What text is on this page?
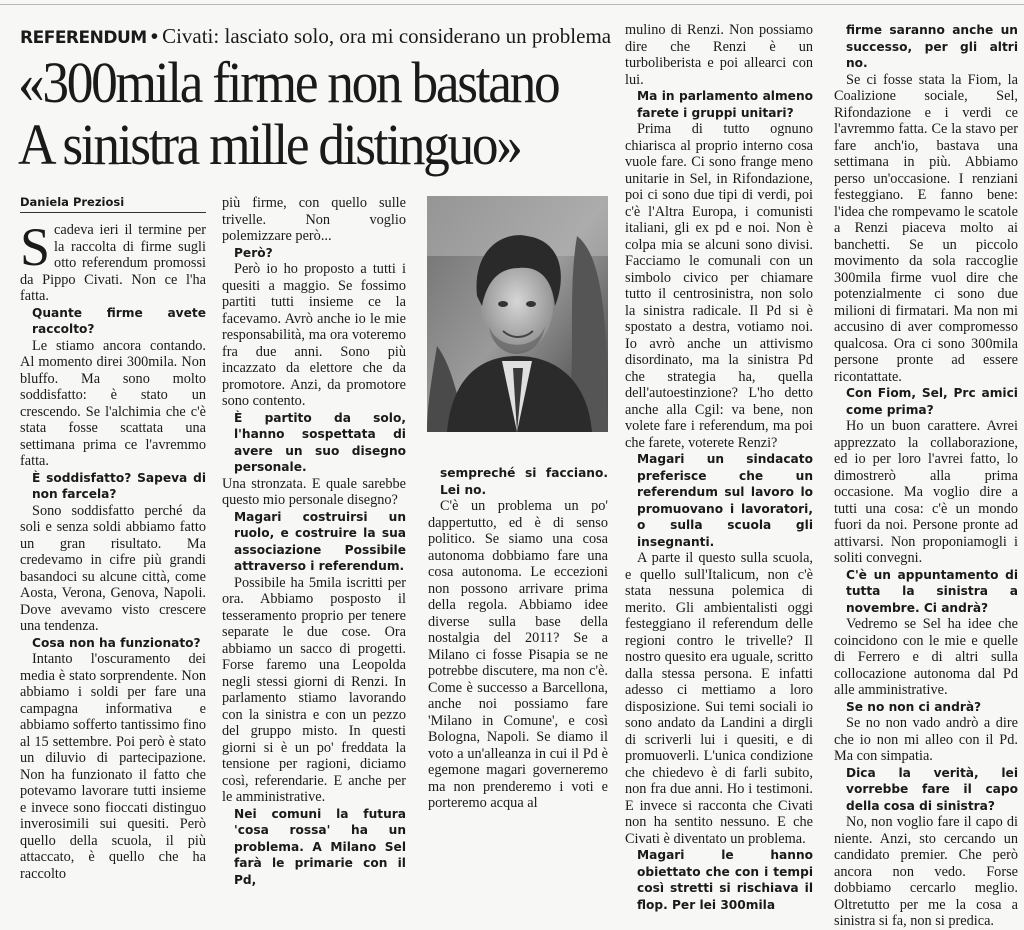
REFERENDUM • Civati: lasciato solo, ora mi considerano un problema
«300mila firme non bastano
A sinistra mille distinguo»
Daniela Preziosi

Scadeva ieri il termine per la raccolta di firme sugli otto referendum promossi da Pippo Civati. Non ce l'ha fatta.

Quante firme avete raccolto?

Le stiamo ancora contando. Al momento direi 300mila. Non bluffo. Ma sono molto soddisfatto: è stato un crescendo. Se l'alchimia che c'è stata fosse scattata una settimana prima ce l'avremmo fatta.

È soddisfatto? Sapeva di non farcela?

Sono soddisfatto perché da soli e senza soldi abbiamo fatto un gran risultato. Ma credevamo in cifre più grandi basandoci su alcune città, come Aosta, Verona, Genova, Napoli. Dove avevamo visto crescere una tendenza.

Cosa non ha funzionato?

Intanto l'oscuramento dei media è stato sorprendente. Non abbiamo i soldi per fare una campagna informativa e abbiamo sofferto tantissimo fino al 15 settembre. Poi però è stato un diluvio di partecipazione. Non ha funzionato il fatto che potevamo lavorare tutti insieme e invece sono fioccati distinguo inverosimili sui quesiti. Però quello della scuola, il più attaccato, è quello che ha raccolto

più firme, con quello sulle trivelle. Non voglio polemizzare però...

Però?

Però io ho proposto a tutti i quesiti a maggio. Se fossimo partiti tutti insieme ce la facevamo. Avrò anche io le mie responsabilità, ma ora voteremo fra due anni. Sono più incazzato da elettore che da promotore. Anzi, da promotore sono contento.

È partito da solo, l'hanno sospettata di avere un suo disegno personale.

Una stronzata. E quale sarebbe questo mio personale disegno?

Magari costruirsi un ruolo, e costruire la sua associazione Possibile attraverso i referendum.

Possibile ha 5mila iscritti per ora. Abbiamo posposto il tesseramento proprio per tenere separate le due cose. Ora abbiamo un sacco di progetti. Forse faremo una Leopolda negli stessi giorni di Renzi. In parlamento stiamo lavorando con la sinistra e con un pezzo del gruppo misto. In questi giorni si è un po' freddata la tensione per ragioni, diciamo così, referendarie. E anche per le amministrative.

Nei comuni la futura 'cosa rossa' ha un problema. A Milano Sel farà le primarie con il Pd,
sempreché si facciano. Lei no.

C'è un problema un po' dappertutto, ed è di senso politico. Se siamo una cosa autonoma dobbiamo fare una cosa autonoma. Le eccezioni non possono arrivare prima della regola. Abbiamo idee diverse sulla base della nostalgia del 2011? Se a Milano ci fosse Pisapia se ne potrebbe discutere, ma non c'è. Come è successo a Barcellona, anche noi possiamo fare 'Milano in Comune', e così Bologna, Napoli. Se diamo il voto a un'alleanza in cui il Pd è egemone magari governeremo ma non prenderemo i voti e porteremo acqua al

mulino di Renzi. Non possiamo dire che Renzi è un turboliberista e poi allearci con lui.

Ma in parlamento almeno farete i gruppi unitari?

Prima di tutto ognuno chiarisca al proprio interno cosa vuole fare. Ci sono frange meno unitarie in Sel, in Rifondazione, poi ci sono due tipi di verdi, poi c'è l'Altra Europa, i comunisti italiani, gli ex pd e noi. Non è colpa mia se alcuni sono divisi. Facciamo le comunali con un simbolo civico per chiamare tutto il centrosinistra, non solo la sinistra radicale. Il Pd si è spostato a destra, votiamo noi. Io avrò anche un attivismo disordinato, ma la sinistra Pd che strategia ha, quella dell'autoestinzione? L'ho detto anche alla Cgil: va bene, non volete fare i referendum, ma poi che farete, voterete Renzi?

Magari un sindacato preferisce che un referendum sul lavoro lo promuovano i lavoratori, o sulla scuola gli insegnanti.

A parte il questo sulla scuola, e quello sull'Italicum, non c'è stata nessuna polemica di merito. Gli ambientalisti oggi festeggiano il referendum delle regioni contro le trivelle? Il nostro quesito era uguale, scritto dalla stessa persona. E infatti adesso ci mettiamo a loro disposizione. Sui temi sociali io sono andato da Landini a dirgli di scriverli lui i quesiti, e di promuoverli. L'unica condizione che chiedevo è di farli subito, non fra due anni. Ho i testimoni. E invece si racconta che Civati non ha sentito nessuno. E che Civati è diventato un problema.

Magari le hanno obiettato che con i tempi così stretti si rischiava il flop. Per lei 300mila
firme saranno anche un successo, per gli altri no.

Se ci fosse stata la Fiom, la Coalizione sociale, Sel, Rifondazione e i verdi ce l'avremmo fatta. Ce la stavo per fare anch'io, bastava una settimana in più. Abbiamo perso un'occasione. I renziani festeggiano. E fanno bene: l'idea che rompevamo le scatole a Renzi piaceva molto ai banchetti. Se un piccolo movimento da sola raccoglie 300mila firme vuol dire che potenzialmente ci sono due milioni di firmatari. Ma non mi accusino di aver compromesso qualcosa. Ora ci sono 300mila persone pronte ad essere ricontattate.

Con Fiom, Sel, Prc amici come prima?

Ho un buon carattere. Avrei apprezzato la collaborazione, ed io per loro l'avrei fatto, lo dimostrerò alla prima occasione. Ma voglio dire a tutti una cosa: c'è un mondo fuori da noi. Persone pronte ad attivarsi. Non proponiamogli i soliti convegni.

C'è un appuntamento di tutta la sinistra a novembre. Ci andrà?

Vedremo se Sel ha idee che coincidono con le mie e quelle di Ferrero e di altri sulla collocazione autonoma dal Pd alle amministrative.

Se no non ci andrà?

Se no non vado andrò a dire che io non mi alleo con il Pd. Ma con simpatia.

Dica la verità, lei vorrebbe fare il capo della cosa di sinistra?

No, non voglio fare il capo di niente. Anzi, sto cercando un candidato premier. Che però ancora non vedo. Forse dobbiamo cercarlo meglio. Oltretutto per me la cosa a sinistra si fa, non si predica.
